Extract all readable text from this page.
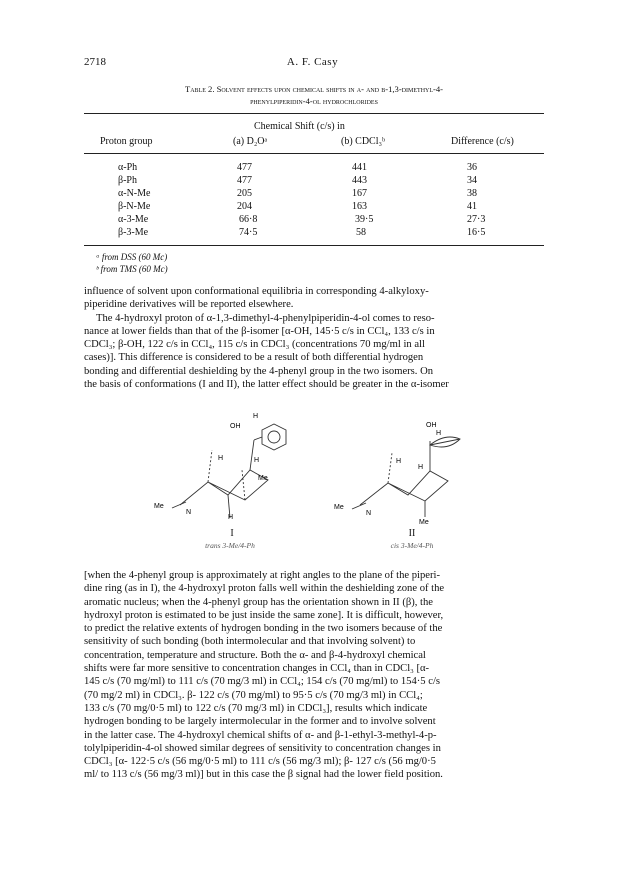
2718	A. F. Casy
Table 2. Solvent effects upon chemical shifts in α- and β-1,3-dimethyl-4-
phenylpiperidin-4-ol hydrochlorides
Chemical Shift (c/s) in
Proton group	(a) D₂Oᵃ	(b) CDCl₃ᵇ	Difference (c/s)
α-Ph	477	441	36
β-Ph	477	443	34
α-N-Me	205	167	38
β-N-Me	204	163	41
α-3-Me	66·8	39·5	27·3
β-3-Me	74·5	58	16·5
ᵃ from DSS (60 Mc)
ᵇ from TMS (60 Mc)

influence of solvent upon conformational equilibria in corresponding 4-alkyloxy-

piperidine derivatives will be reported elsewhere.

The 4-hydroxyl proton of α-1,3-dimethyl-4-phenylpiperidin-4-ol comes to reso-

nance at lower fields than that of the β-isomer [α-OH, 145·5 c/s in CCl₄, 133 c/s in

CDCl₃; β-OH, 122 c/s in CCl₄, 115 c/s in CDCl₃ (concentrations 70 mg/ml in all

cases)]. This difference is considered to be a result of both differential hydrogen

bonding and differential deshielding by the 4-phenyl group in the two isomers. On

the basis of conformations (I and II), the latter effect should be greater in the α-isomer

OH
H
H	H
Me
Me
N
H
I
trans 3-Me/4-Ph
OH
H
H
H
Me
N
Me
II
cis 3-Me/4-Ph

[when the 4-phenyl group is approximately at right angles to the plane of the piperi-

dine ring (as in I), the 4-hydroxyl proton falls well within the deshielding zone of the

aromatic nucleus; when the 4-phenyl group has the orientation shown in II (β), the

hydroxyl proton is estimated to be just inside the same zone]. It is difficult, however,

to predict the relative extents of hydrogen bonding in the two isomers because of the

sensitivity of such bonding (both intermolecular and that involving solvent) to

concentration, temperature and structure. Both the α- and β-4-hydroxyl chemical

shifts were far more sensitive to concentration changes in CCl₄ than in CDCl₃ [α-

145 c/s (70 mg/ml) to 111 c/s (70 mg/3 ml) in CCl₄; 154 c/s (70 mg/ml) to 154·5 c/s

(70 mg/2 ml) in CDCl₃. β- 122 c/s (70 mg/ml) to 95·5 c/s (70 mg/3 ml) in CCl₄;

133 c/s (70 mg/0·5 ml) to 122 c/s (70 mg/3 ml) in CDCl₃], results which indicate

hydrogen bonding to be largely intermolecular in the former and to involve solvent

in the latter case. The 4-hydroxyl chemical shifts of α- and β-1-ethyl-3-methyl-4-p-

tolylpiperidin-4-ol showed similar degrees of sensitivity to concentration changes in

CDCl₃ [α- 122·5 c/s (56 mg/0·5 ml) to 111 c/s (56 mg/3 ml); β- 127 c/s (56 mg/0·5

ml/ to 113 c/s (56 mg/3 ml)] but in this case the β signal had the lower field position.
